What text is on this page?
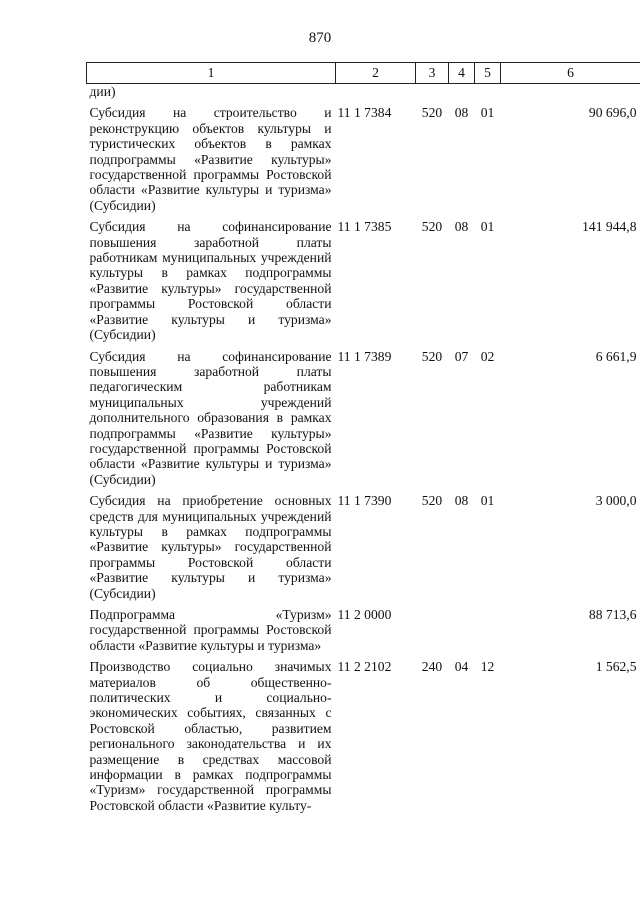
870
1	2	3	4	5	6
дии)					

Субсидия на строительство и реконструкцию объектов культуры и туристических объектов в рамках подпрограммы «Развитие культуры» государственной программы Ростовской области «Развитие культуры и туризма» (Субсидии)	11 1 7384	520	08	01	90 696,0

Субсидия на софинансирование повышения заработной платы работникам муниципальных учреждений культуры в рамках подпрограммы «Развитие культуры» государственной программы Ростовской области «Развитие культуры и туризма» (Субсидии)	11 1 7385	520	08	01	141 944,8

Субсидия на софинансирование повышения заработной платы педагогическим работникам муниципальных учреждений дополнительного образования в рамках подпрограммы «Развитие культуры» государственной программы Ростовской области «Развитие культуры и туризма» (Субсидии)	11 1 7389	520	07	02	6 661,9

Субсидия на приобретение основных средств для муниципальных учреждений культуры в рамках подпрограммы «Развитие культуры» государственной программы Ростовской области «Развитие культуры и туризма» (Субсидии)	11 1 7390	520	08	01	3 000,0

Подпрограмма «Туризм» государственной программы Ростовской области «Развитие культуры и туризма»	11 2 0000				88 713,6

Производство социально значимых материалов об общественно-политических и социально-экономических событиях, связанных с Ростовской областью, развитием регионального законодательства и их размещение в средствах массовой информации в рамках подпрограммы «Туризм» государственной программы Ростовской области «Развитие культу-	11 2 2102	240	04	12	1 562,5
